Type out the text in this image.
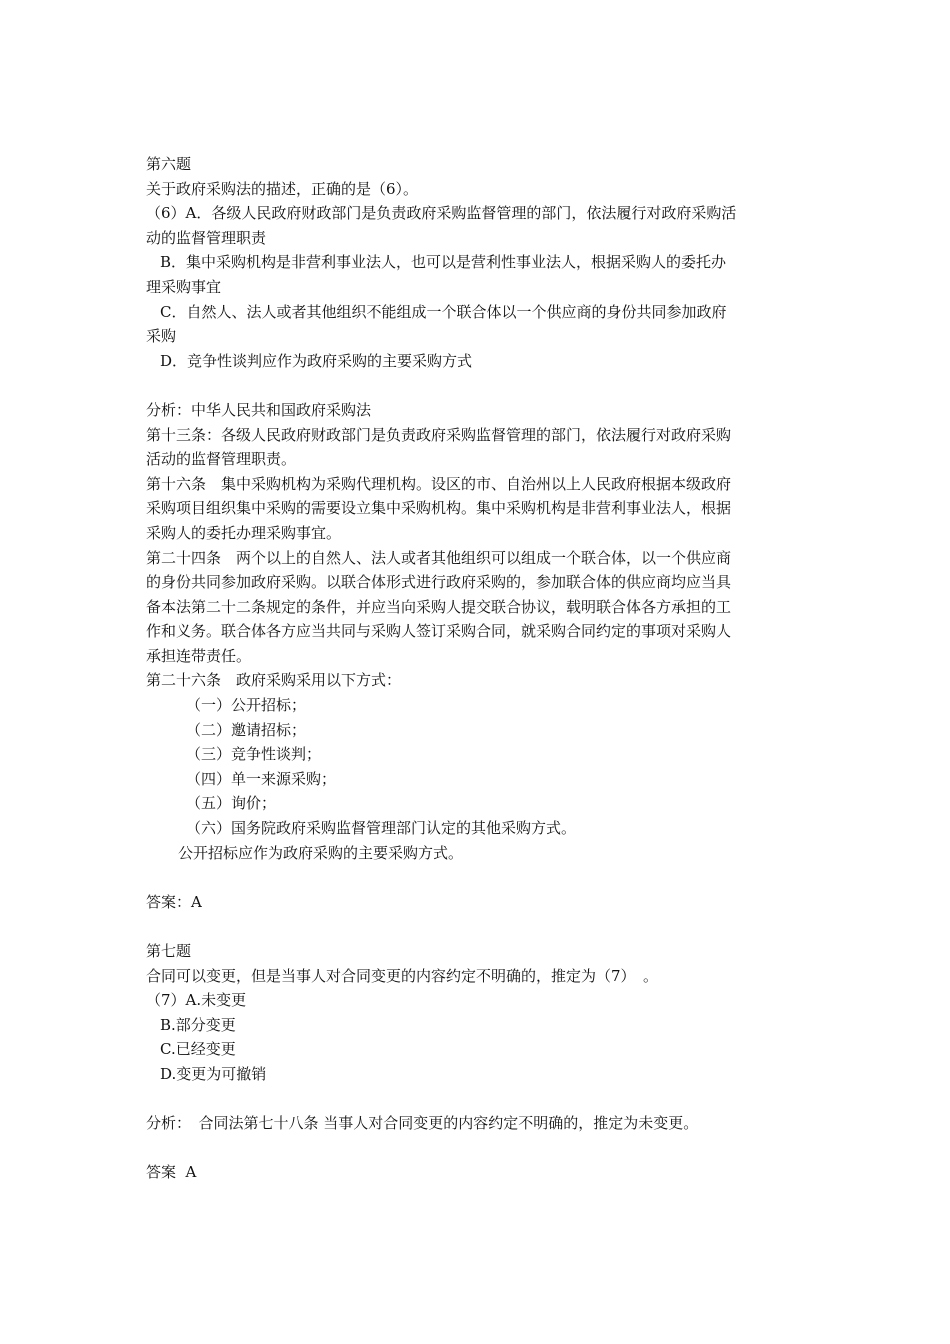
第六题

关于政府采购法的描述，正确的是（6）。

（6）A．各级人民政府财政部门是负责政府采购监督管理的部门，依法履行对政府采购活

动的监督管理职责

B．集中采购机构是非营利事业法人，也可以是营利性事业法人，根据采购人的委托办

理采购事宜

C．自然人、法人或者其他组织不能组成一个联合体以一个供应商的身份共同参加政府

采购

D．竞争性谈判应作为政府采购的主要采购方式

分析：中华人民共和国政府采购法

第十三条：各级人民政府财政部门是负责政府采购监督管理的部门，依法履行对政府采购

活动的监督管理职责。

第十六条　集中采购机构为采购代理机构。设区的市、自治州以上人民政府根据本级政府

采购项目组织集中采购的需要设立集中采购机构。集中采购机构是非营利事业法人，根据

采购人的委托办理采购事宜。

第二十四条　两个以上的自然人、法人或者其他组织可以组成一个联合体，以一个供应商

的身份共同参加政府采购。以联合体形式进行政府采购的，参加联合体的供应商均应当具

备本法第二十二条规定的条件，并应当向采购人提交联合协议，载明联合体各方承担的工

作和义务。联合体各方应当共同与采购人签订采购合同，就采购合同约定的事项对采购人

承担连带责任。

第二十六条　政府采购采用以下方式：

（一）公开招标；

（二）邀请招标；

（三）竞争性谈判；

（四）单一来源采购；

（五）询价；

（六）国务院政府采购监督管理部门认定的其他采购方式。

公开招标应作为政府采购的主要采购方式。

答案：A

第七题

合同可以变更，但是当事人对合同变更的内容约定不明确的，推定为（7）　。

（7）A.未变更

B.部分变更

C.已经变更

D.变更为可撤销

分析：　合同法第七十八条 当事人对合同变更的内容约定不明确的，推定为未变更。

答案  A
